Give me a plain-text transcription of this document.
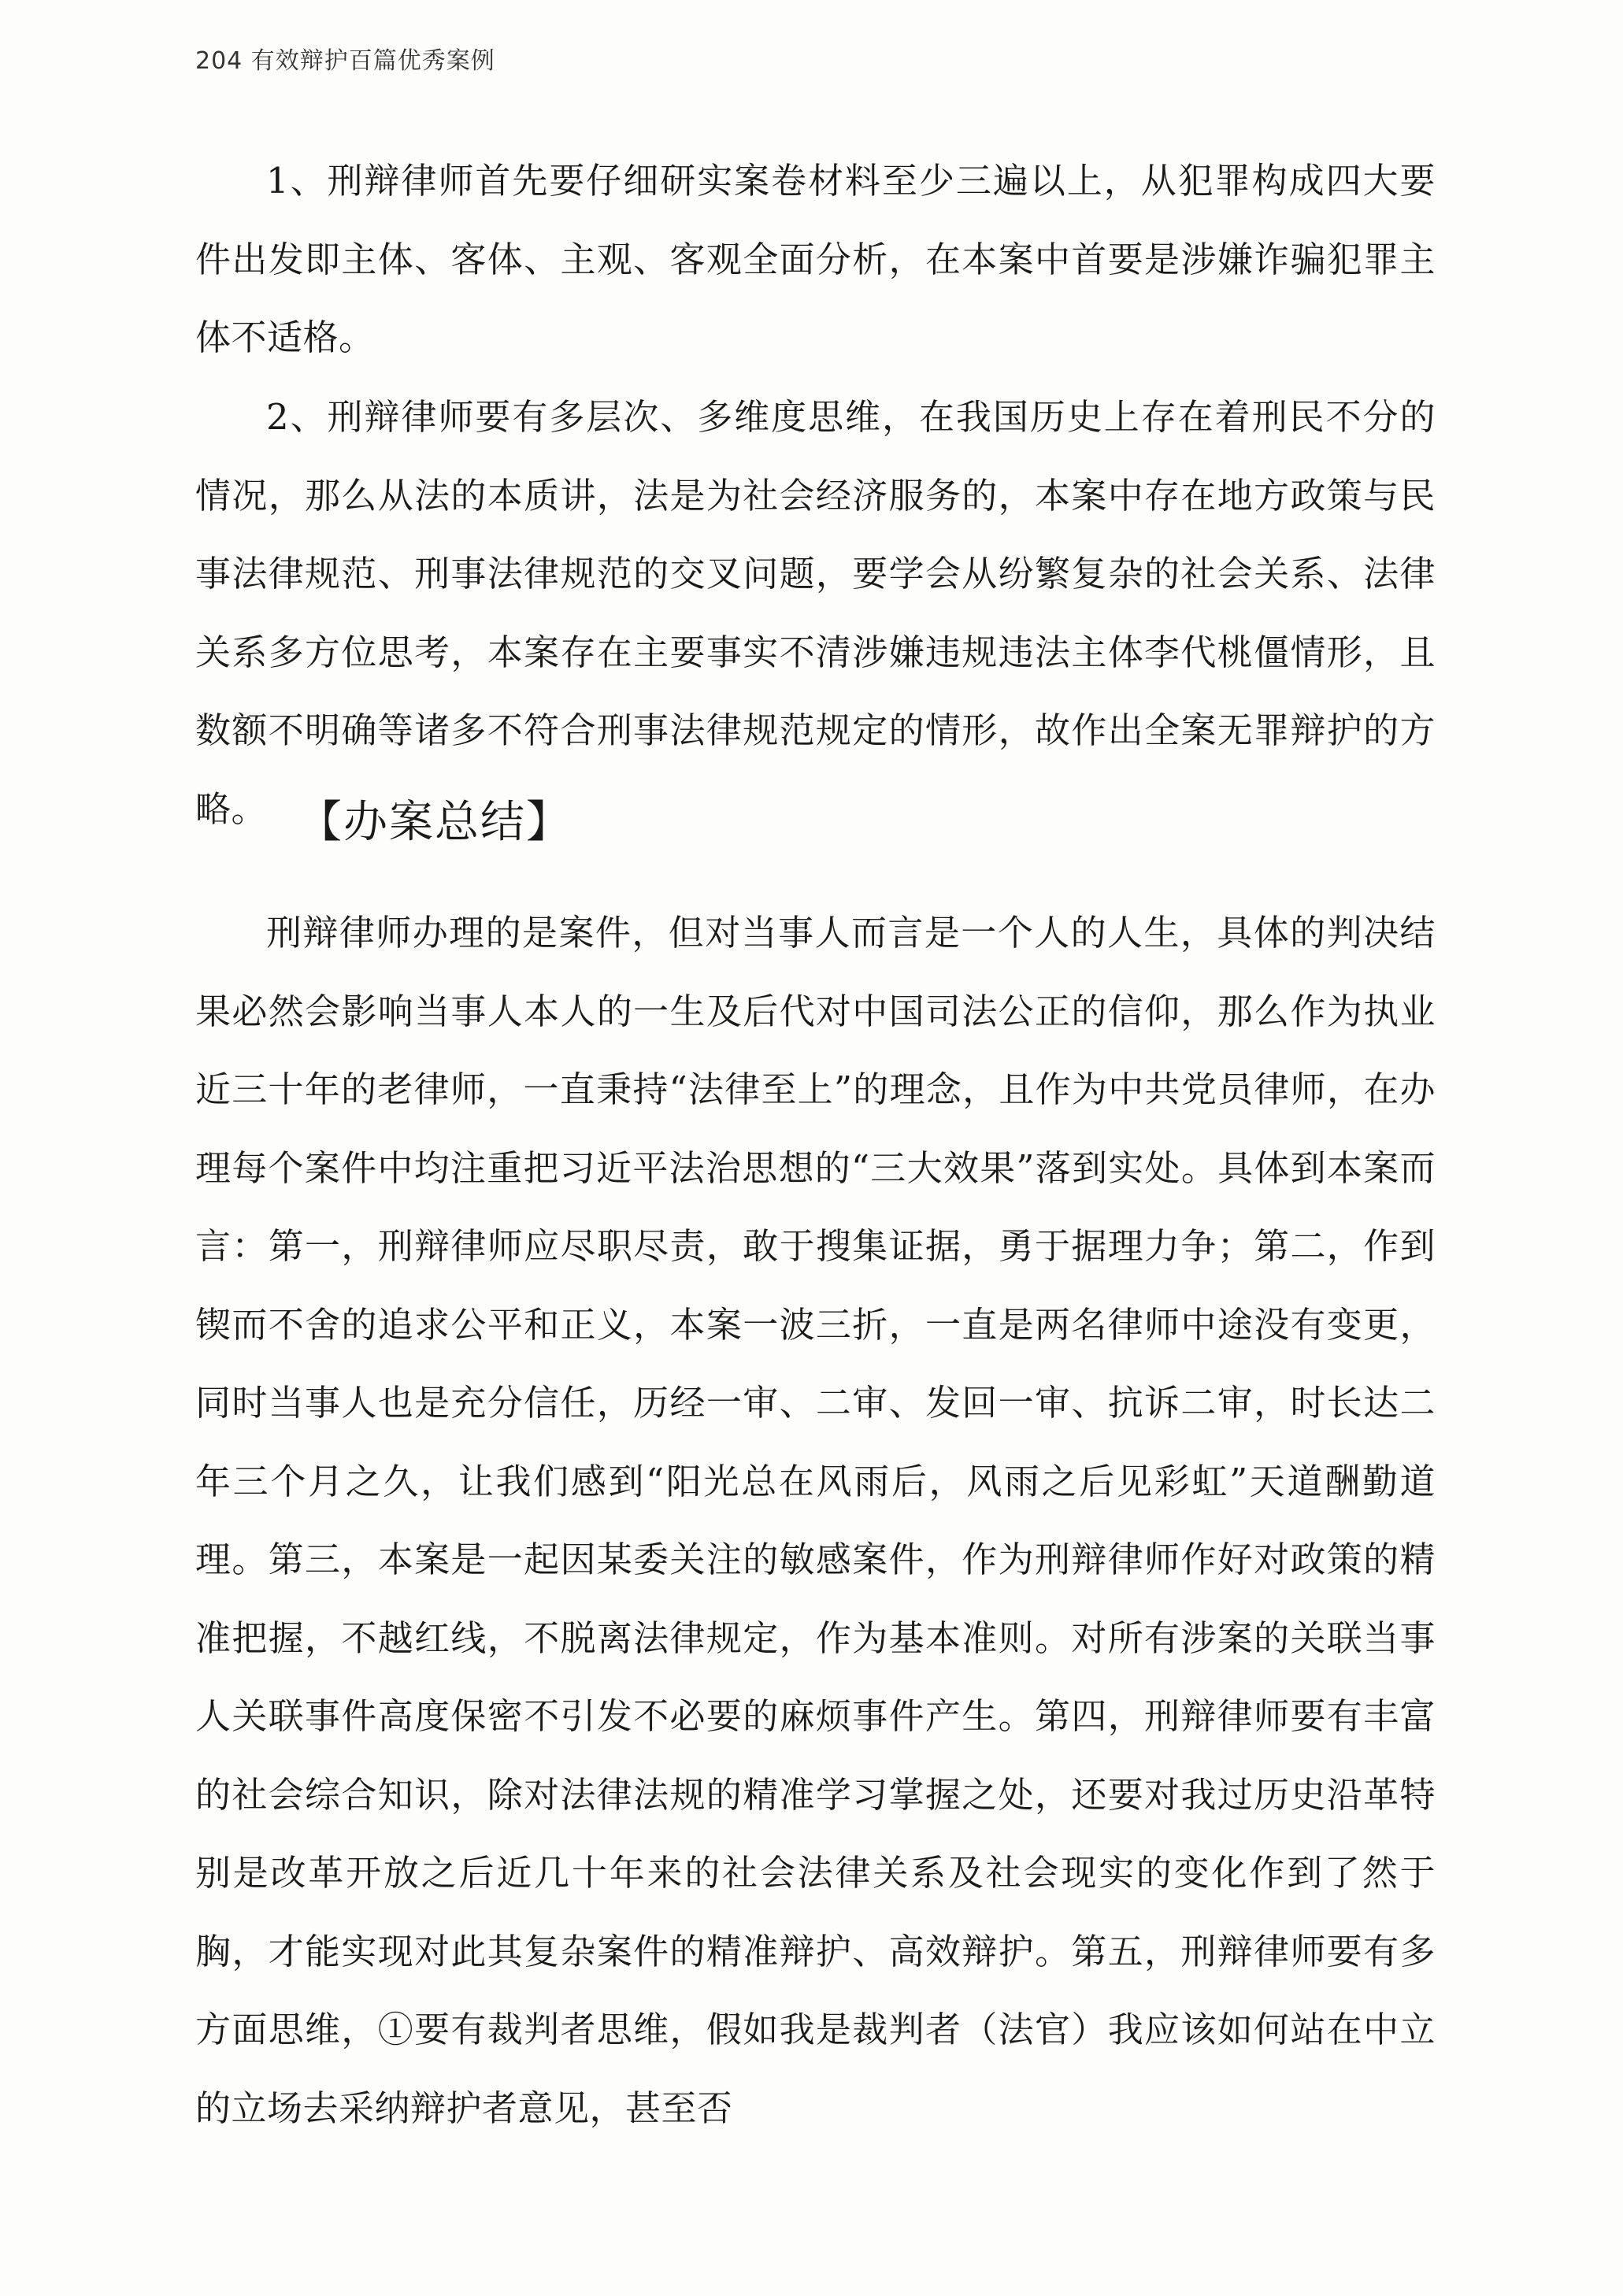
204 有效辩护百篇优秀案例

1、刑辩律师首先要仔细研实案卷材料至少三遍以上，从犯罪构成四大要件出发即主体、客体、主观、客观全面分析，在本案中首要是涉嫌诈骗犯罪主体不适格。

2、刑辩律师要有多层次、多维度思维，在我国历史上存在着刑民不分的情况，那么从法的本质讲，法是为社会经济服务的，本案中存在地方政策与民事法律规范、刑事法律规范的交叉问题，要学会从纷繁复杂的社会关系、法律关系多方位思考，本案存在主要事实不清涉嫌违规违法主体李代桃僵情形，且数额不明确等诸多不符合刑事法律规范规定的情形，故作出全案无罪辩护的方略。 【办案总结】

刑辩律师办理的是案件，但对当事人而言是一个人的人生，具体的判决结果必然会影响当事人本人的一生及后代对中国司法公正的信仰，那么作为执业近三十年的老律师，一直秉持“法律至上”的理念，且作为中共党员律师，在办理每个案件中均注重把习近平法治思想的“三大效果”落到实处。具体到本案而言：第一，刑辩律师应尽职尽责，敢于搜集证据，勇于据理力争；第二，作到锲而不舍的追求公平和正义，本案一波三折，一直是两名律师中途没有变更，同时当事人也是充分信任，历经一审、二审、发回一审、抗诉二审，时长达二年三个月之久，让我们感到“阳光总在风雨后，风雨之后见彩虹”天道酬勤道理。第三，本案是一起因某委关注的敏感案件，作为刑辩律师作好对政策的精准把握，不越红线，不脱离法律规定，作为基本准则。对所有涉案的关联当事人关联事件高度保密不引发不必要的麻烦事件产生。第四，刑辩律师要有丰富的社会综合知识，除对法律法规的精准学习掌握之处，还要对我过历史沿革特别是改革开放之后近几十年来的社会法律关系及社会现实的变化作到了然于胸，才能实现对此其复杂案件的精准辩护、高效辩护。第五，刑辩律师要有多方面思维，①要有裁判者思维，假如我是裁判者（法官）我应该如何站在中立的立场去采纳辩护者意见，甚至否
